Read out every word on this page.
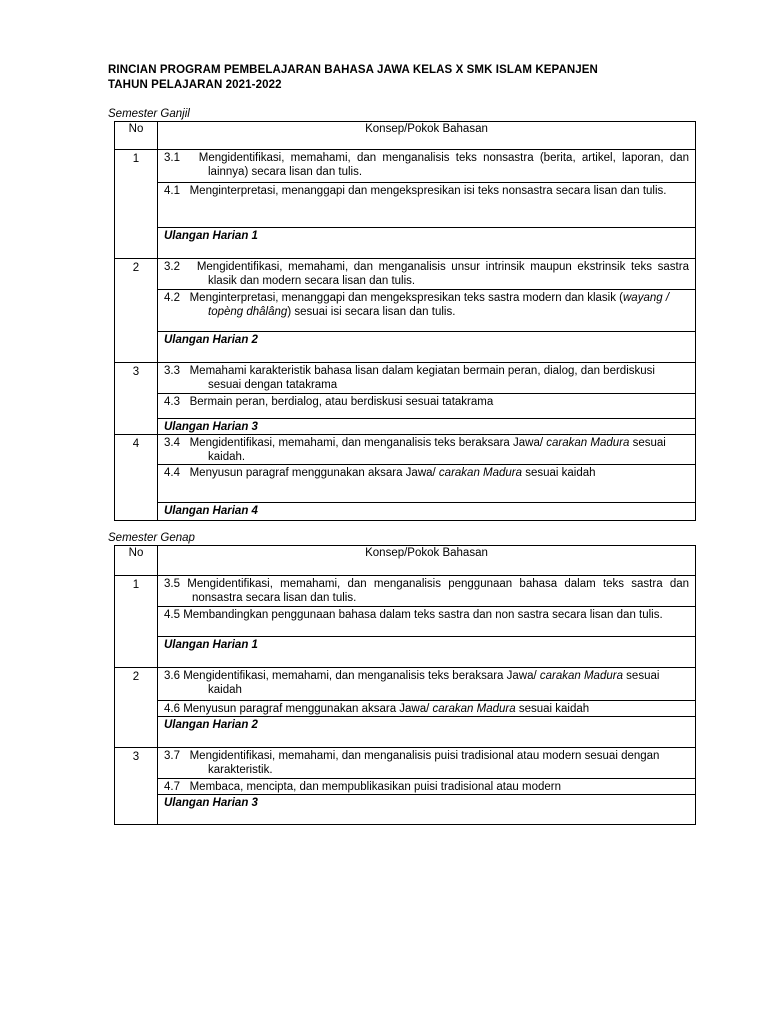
RINCIAN PROGRAM PEMBELAJARAN BAHASA JAWA KELAS X SMK ISLAM KEPANJEN
TAHUN PELAJARAN 2021-2022
Semester Ganjil
No	Konsep/Pokok Bahasan
1	3.1 Mengidentifikasi, memahami, dan menganalisis teks nonsastra (berita, artikel, laporan, dan lainnya) secara lisan dan tulis.

	4.1 Menginterpretasi, menanggapi dan mengekspresikan isi teks nonsastra secara lisan dan tulis.

	Ulangan Harian 1
2	3.2 Mengidentifikasi, memahami, dan menganalisis unsur intrinsik maupun ekstrinsik teks sastra klasik dan modern secara lisan dan tulis.

	4.2 Menginterpretasi, menanggapi dan mengekspresikan teks sastra modern dan klasik (wayang / topèng dhâlâng) sesuai isi secara lisan dan tulis.

	Ulangan Harian 2
3	3.3 Memahami karakteristik bahasa lisan dalam kegiatan bermain peran, dialog, dan berdiskusi sesuai dengan tatakrama

	4.3 Bermain peran, berdialog, atau berdiskusi sesuai tatakrama

	Ulangan Harian 3
4	3.4 Mengidentifikasi, memahami, dan menganalisis teks beraksara Jawa/ carakan Madura sesuai kaidah.

	4.4 Menyusun paragraf menggunakan aksara Jawa/ carakan Madura sesuai kaidah

	Ulangan Harian 4
Semester Genap
No	Konsep/Pokok Bahasan
1	3.5 Mengidentifikasi, memahami, dan menganalisis penggunaan bahasa dalam teks sastra dan nonsastra secara lisan dan tulis.

	4.5 Membandingkan penggunaan bahasa dalam teks sastra dan non sastra secara lisan dan tulis.

	Ulangan Harian 1
2	3.6 Mengidentifikasi, memahami, dan menganalisis teks beraksara Jawa/ carakan Madura sesuai kaidah

	4.6 Menyusun paragraf menggunakan aksara Jawa/ carakan Madura sesuai kaidah
	Ulangan Harian 2
3	3.7 Mengidentifikasi, memahami, dan menganalisis puisi tradisional atau modern sesuai dengan karakteristik.

	4.7 Membaca, mencipta, dan mempublikasikan puisi tradisional atau modern
	Ulangan Harian 3
